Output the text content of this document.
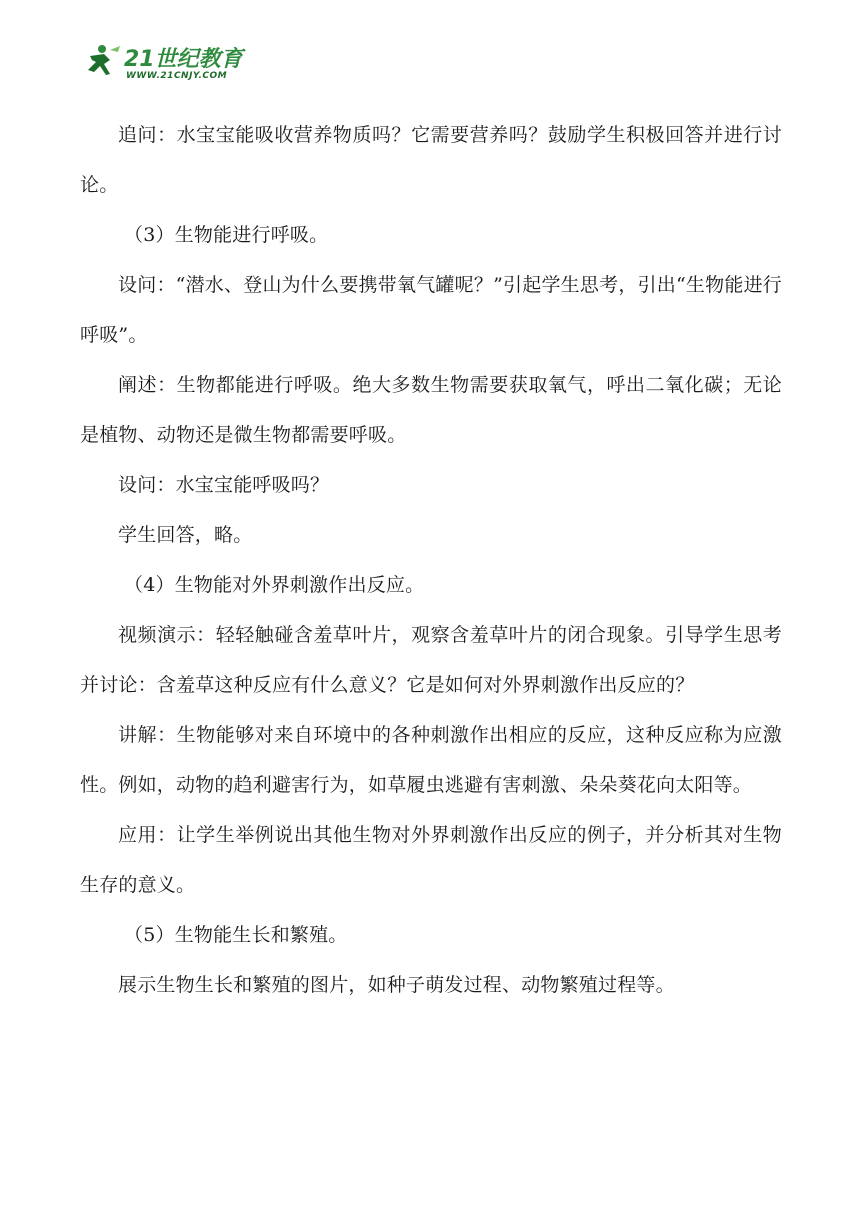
21世纪教育
WWW.21CNJY.COM

追问：水宝宝能吸收营养物质吗？它需要营养吗？鼓励学生积极回答并进行讨论。

（3）生物能进行呼吸。

设问：“潜水、登山为什么要携带氧气罐呢？”引起学生思考，引出“生物能进行呼吸”。

阐述：生物都能进行呼吸。绝大多数生物需要获取氧气，呼出二氧化碳；无论是植物、动物还是微生物都需要呼吸。

设问：水宝宝能呼吸吗？

学生回答，略。

（4）生物能对外界刺激作出反应。

视频演示：轻轻触碰含羞草叶片，观察含羞草叶片的闭合现象。引导学生思考并讨论：含羞草这种反应有什么意义？它是如何对外界刺激作出反应的？

讲解：生物能够对来自环境中的各种刺激作出相应的反应，这种反应称为应激性。例如，动物的趋利避害行为，如草履虫逃避有害刺激、朵朵葵花向太阳等。

应用：让学生举例说出其他生物对外界刺激作出反应的例子，并分析其对生物生存的意义。

（5）生物能生长和繁殖。

展示生物生长和繁殖的图片，如种子萌发过程、动物繁殖过程等。
